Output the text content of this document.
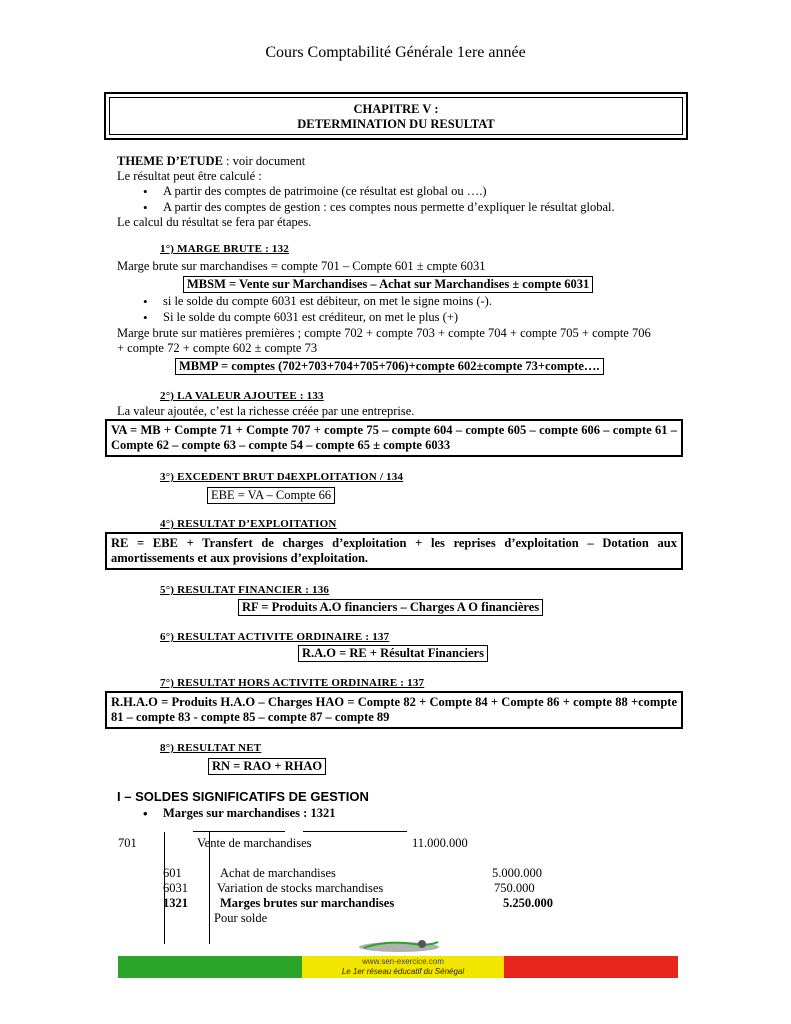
Cours Comptabilité Générale 1ere année
CHAPITRE V :
DETERMINATION DU RESULTAT
THEME D’ETUDE : voir document
Le résultat peut être calculé :
• A partir des comptes de patrimoine (ce résultat est global ou ….)
• A partir des comptes de gestion : ces comptes nous permette d’expliquer le résultat global.
Le calcul du résultat se fera par étapes.
1°) MARGE BRUTE : 132
Marge brute sur marchandises = compte 701 – Compte 601 ± cmpte 6031
MBSM = Vente sur Marchandises – Achat sur Marchandises ± compte 6031
• si le solde du compte 6031 est débiteur, on met le signe moins (-).
• Si le solde du compte 6031 est créditeur, on met le plus (+)
Marge brute sur matières premières ; compte 702 + compte 703 + compte 704 + compte 705 + compte 706
+ compte 72 + compte 602 ± compte 73
MBMP = comptes (702+703+704+705+706)+compte 602±compte 73+compte….
2°) LA VALEUR AJOUTEE : 133
La valeur ajoutée, c’est la richesse créée par une entreprise.
VA = MB + Compte 71 + Compte 707 + compte 75 – compte 604 – compte 605 – compte 606 – compte 61 – Compte 62 – compte 63 – compte 54 – compte 65 ± compte 6033
3°) EXCEDENT BRUT D4EXPLOITATION / 134
EBE = VA – Compte 66
4°) RESULTAT D’EXPLOITATION
RE = EBE + Transfert de charges d’exploitation + les reprises d’exploitation – Dotation aux amortissements et aux provisions d’exploitation.
5°) RESULTAT FINANCIER : 136
RF = Produits A.O financiers – Charges A O financières
6°) RESULTAT ACTIVITE ORDINAIRE : 137
R.A.O = RE + Résultat Financiers
7°) RESULTAT HORS ACTIVITE ORDINAIRE : 137
R.H.A.O = Produits H.A.O – Charges HAO = Compte 82 + Compte 84 + Compte 86 + compte 88 +compte 81 – compte 83 - compte 85 – compte 87 – compte 89
8°) RESULTAT NET
RN = RAO + RHAO
I – SOLDES SIGNIFICATIFS DE GESTION
• Marges sur marchandises : 1321
701	Vente de marchandises	11.000.000
601	Achat de marchandises	5.000.000
6031 Variation de stocks marchandises	750.000
1321	Marges brutes sur marchandises	5.250.000
Pour solde
www.sen-exercice.com
Le 1er réseau éducatif du Sénégal
